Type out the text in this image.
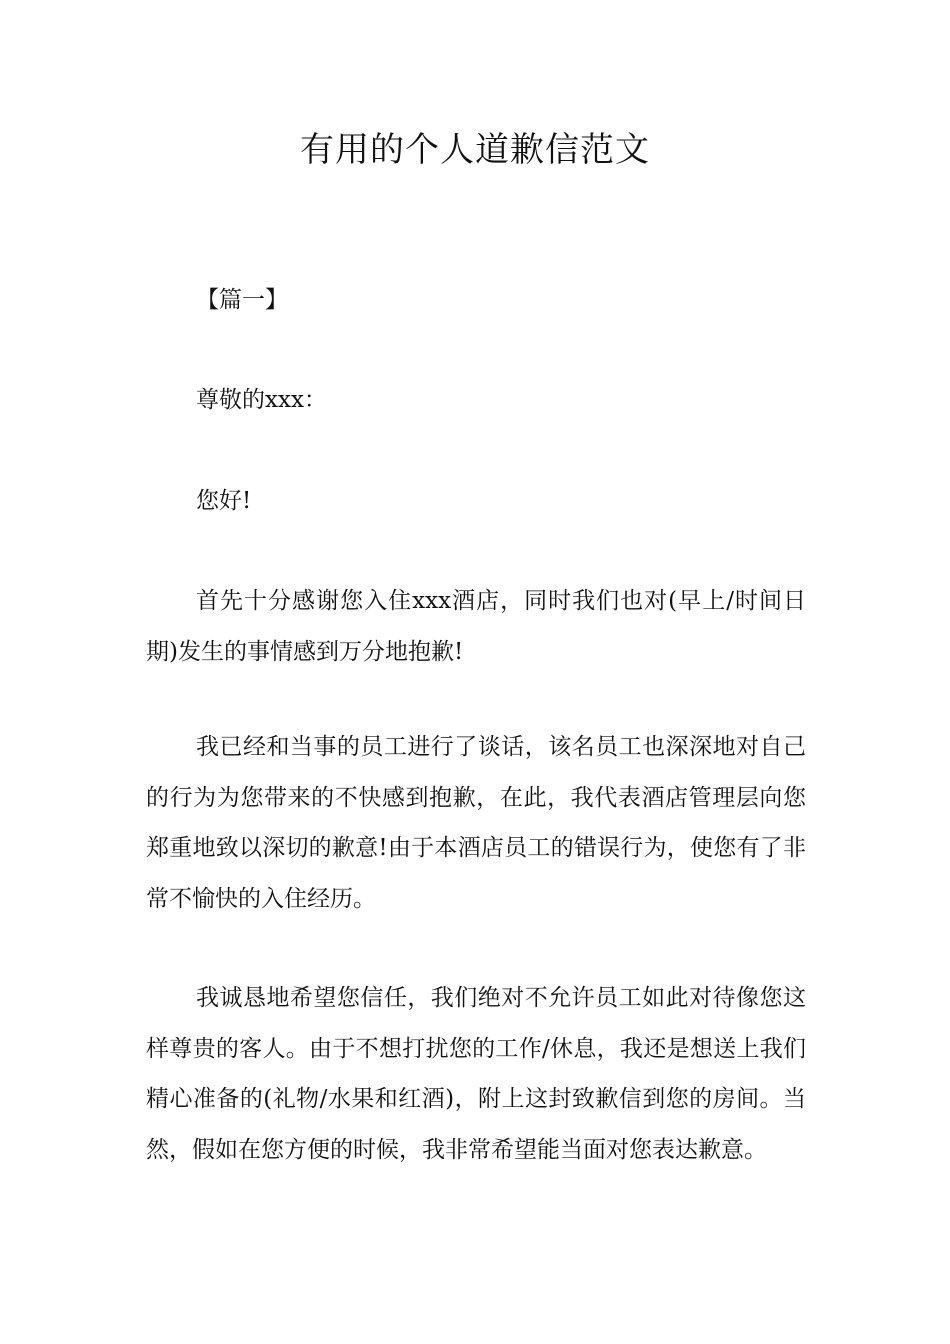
有用的个人道歉信范文

【篇一】

尊敬的xxx：

您好!

首先十分感谢您入住xxx酒店，同时我们也对(早上/时间日期)发生的事情感到万分地抱歉!

我已经和当事的员工进行了谈话，该名员工也深深地对自己的行为为您带来的不快感到抱歉，在此，我代表酒店管理层向您郑重地致以深切的歉意!由于本酒店员工的错误行为，使您有了非常不愉快的入住经历。

我诚恳地希望您信任，我们绝对不允许员工如此对待像您这样尊贵的客人。由于不想打扰您的工作/休息，我还是想送上我们精心准备的(礼物/水果和红酒)，附上这封致歉信到您的房间。当然，假如在您方便的时候，我非常希望能当面对您表达歉意。
